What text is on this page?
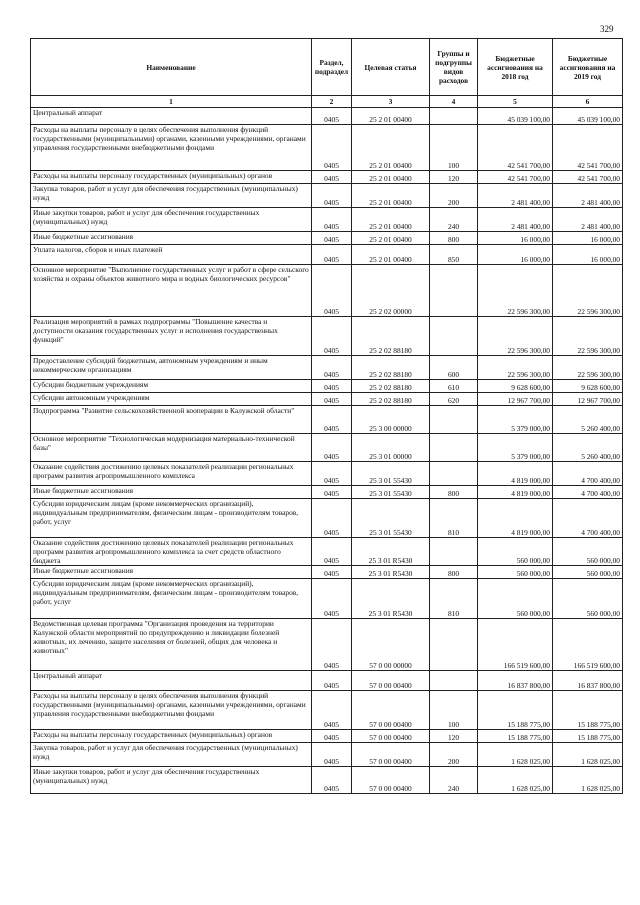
329
Наименование	Раздел, подраздел	Целевая статья	Группы и подгруппы видов расходов	Бюджетные ассигнования на 2018 год	Бюджетные ассигнования на 2019 год
1	2	3	4	5	6
Центральный аппарат	0405	25 2 01 00400		45 039 100,00	45 039 100,00
Расходы на выплаты персоналу в целях обеспечения выполнения функций государственными (муниципальными) органами, казенными учреждениями, органами управления государственными внебюджетными фондами	0405	25 2 01 00400	100	42 541 700,00	42 541 700,00
Расходы на выплаты персоналу государственных (муниципальных) органов	0405	25 2 01 00400	120	42 541 700,00	42 541 700,00
Закупка товаров, работ и услуг для обеспечения государственных (муниципальных) нужд	0405	25 2 01 00400	200	2 481 400,00	2 481 400,00
Иные закупки товаров, работ и услуг для обеспечения государственных (муниципальных) нужд	0405	25 2 01 00400	240	2 481 400,00	2 481 400,00
Иные бюджетные ассигнования	0405	25 2 01 00400	800	16 000,00	16 000,00
Уплата налогов, сборов и иных платежей	0405	25 2 01 00400	850	16 000,00	16 000,00
Основное мероприятие "Выполнение государственных услуг и работ в сфере сельского хозяйства и охраны объектов животного мира и водных биологических ресурсов"	0405	25 2 02 00000		22 596 300,00	22 596 300,00
Реализация мероприятий в рамках подпрограммы "Повышение качества и доступности оказания государственных услуг и исполнения государственных функций"	0405	25 2 02 88180		22 596 300,00	22 596 300,00
Предоставление субсидий бюджетным, автономным учреждениям и иным некоммерческим организациям	0405	25 2 02 88180	600	22 596 300,00	22 596 300,00
Субсидии бюджетным учреждениям	0405	25 2 02 88180	610	9 628 600,00	9 628 600,00
Субсидии автономным учреждениям	0405	25 2 02 88180	620	12 967 700,00	12 967 700,00
Подпрограмма "Развитие сельскохозяйственной кооперации в Калужской области"	0405	25 3 00 00000		5 379 000,00	5 260 400,00
Основное мероприятие "Технологическая модернизация материально-технической базы"	0405	25 3 01 00000		5 379 000,00	5 260 400,00
Оказание содействия достижению целевых показателей реализации региональных программ развития агропромышленного комплекса	0405	25 3 01 55430		4 819 000,00	4 700 400,00
Иные бюджетные ассигнования	0405	25 3 01 55430	800	4 819 000,00	4 700 400,00
Субсидии юридическим лицам (кроме некоммерческих организаций), индивидуальным предпринимателям, физическим лицам - производителям товаров, работ, услуг	0405	25 3 01 55430	810	4 819 000,00	4 700 400,00
Оказание содействия достижению целевых показателей реализации региональных программ развития агропромышленного комплекса за счет средств областного бюджета	0405	25 3 01 R5430		560 000,00	560 000,00
Иные бюджетные ассигнования	0405	25 3 01 R5430	800	560 000,00	560 000,00
Субсидии юридическим лицам (кроме некоммерческих организаций), индивидуальным предпринимателям, физическим лицам - производителям товаров, работ, услуг	0405	25 3 01 R5430	810	560 000,00	560 000,00
Ведомственная целевая программа "Организация проведения на территории Калужской области мероприятий по предупреждению и ликвидации болезней животных, их лечению, защите населения от болезней, общих для человека и животных"	0405	57 0 00 00000		166 519 600,00	166 519 600,00
Центральный аппарат	0405	57 0 00 00400		16 837 800,00	16 837 800,00
Расходы на выплаты персоналу в целях обеспечения выполнения функций государственными (муниципальными) органами, казенными учреждениями, органами управления государственными внебюджетными фондами	0405	57 0 00 00400	100	15 188 775,00	15 188 775,00
Расходы на выплаты персоналу государственных (муниципальных) органов	0405	57 0 00 00400	120	15 188 775,00	15 188 775,00
Закупка товаров, работ и услуг для обеспечения государственных (муниципальных) нужд	0405	57 0 00 00400	200	1 628 025,00	1 628 025,00
Иные закупки товаров, работ и услуг для обеспечения государственных (муниципальных) нужд	0405	57 0 00 00400	240	1 628 025,00	1 628 025,00
